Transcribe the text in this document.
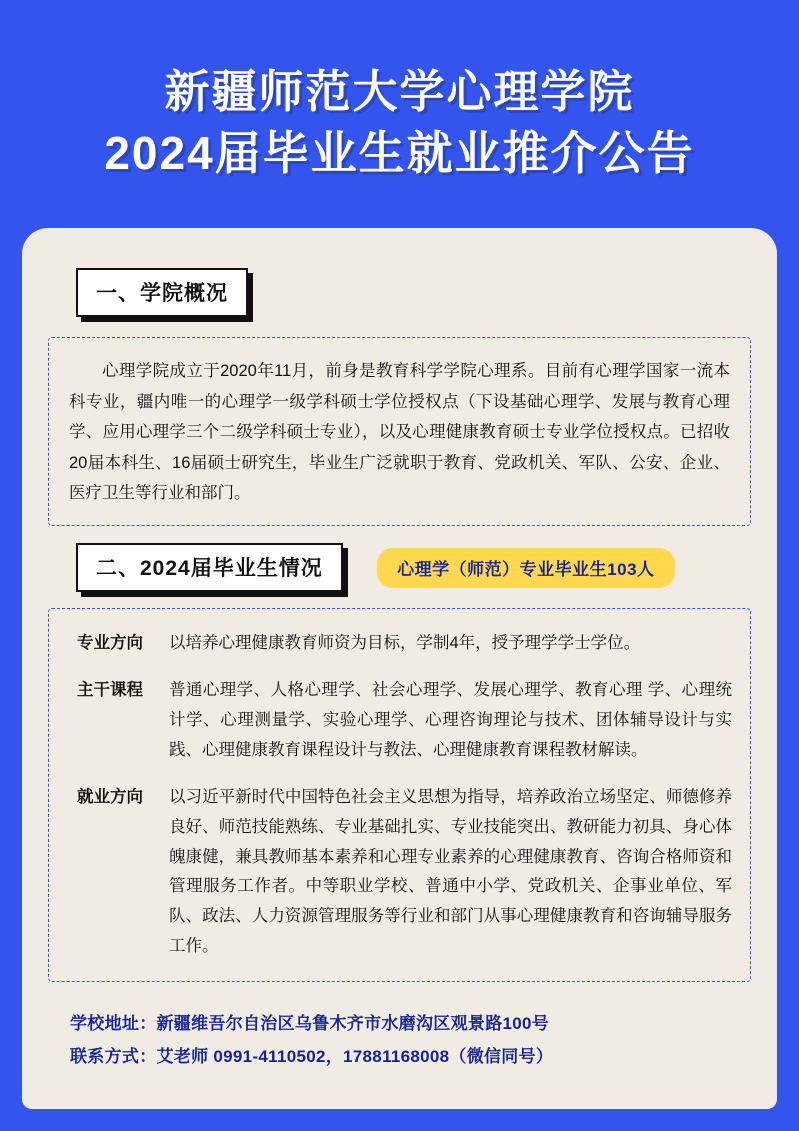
新疆师范大学心理学院
2024届毕业生就业推介公告
一、学院概况
心理学院成立于2020年11月，前身是教育科学学院心理系。目前有心理学国家一流本科专业，疆内唯一的心理学一级学科硕士学位授权点（下设基础心理学、发展与教育心理学、应用心理学三个二级学科硕士专业），以及心理健康教育硕士专业学位授权点。已招收20届本科生、16届硕士研究生，毕业生广泛就职于教育、党政机关、军队、公安、企业、医疗卫生等行业和部门。
二、2024届毕业生情况	心理学（师范）专业毕业生103人
专业方向	以培养心理健康教育师资为目标，学制4年，授予理学学士学位。
主干课程	普通心理学、人格心理学、社会心理学、发展心理学、教育心理 学、心理统计学、心理测量学、实验心理学、心理咨询理论与技术、团体辅导设计与实践、心理健康教育课程设计与教法、心理健康教育课程教材解读。
就业方向	以习近平新时代中国特色社会主义思想为指导，培养政治立场坚定、师德修养良好、师范技能熟练、专业基础扎实、专业技能突出、教研能力初具、身心体魄康健，兼具教师基本素养和心理专业素养的心理健康教育、咨询合格师资和管理服务工作者。中等职业学校、普通中小学、党政机关、企事业单位、军队、政法、人力资源管理服务等行业和部门从事心理健康教育和咨询辅导服务工作。
学校地址：新疆维吾尔自治区乌鲁木齐市水磨沟区观景路100号
联系方式：艾老师 0991-4110502，17881168008（微信同号）
